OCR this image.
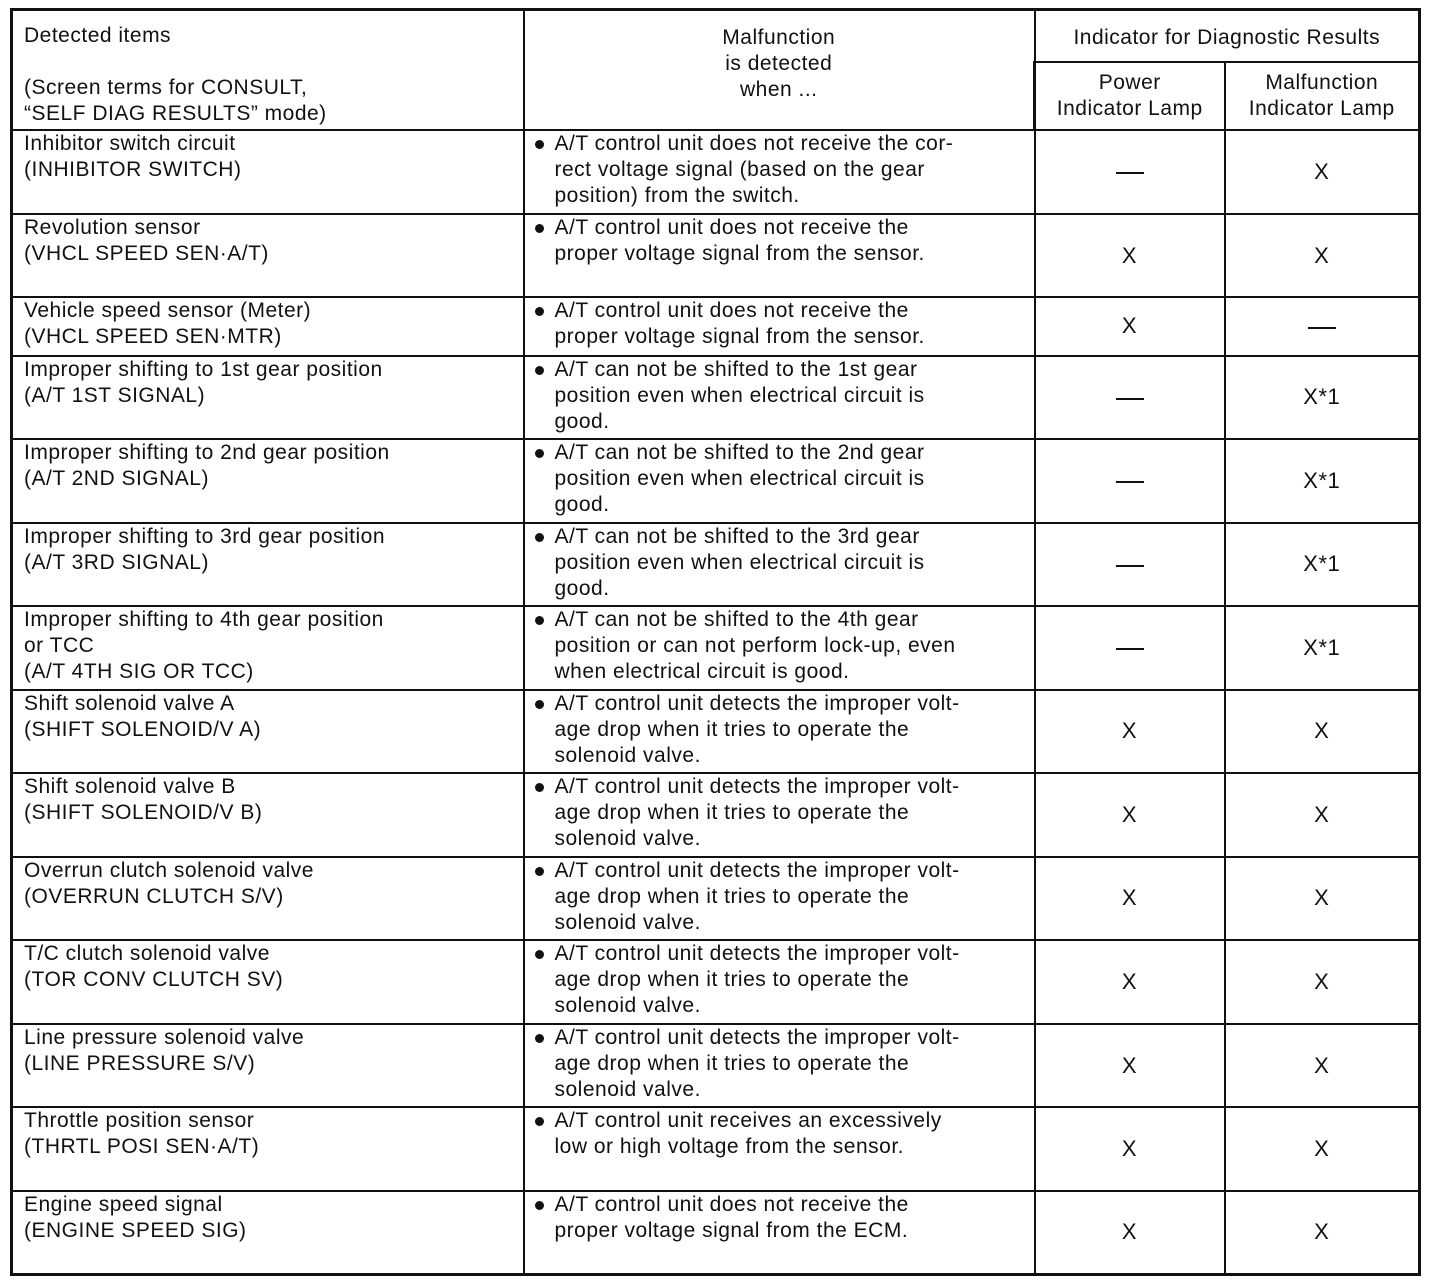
Detected items
(Screen terms for CONSULT,
“SELF DIAG RESULTS” mode)	Malfunction
is detected
when ...	Indicator for Diagnostic Results	

		Power
Indicator Lamp	Malfunction
Indicator Lamp

Inhibitor switch circuit
(INHIBITOR SWITCH)	A/T control unit does not receive the cor-
rect voltage signal (based on the gear
position) from the switch.		X

Revolution sensor
(VHCL SPEED SEN·A/T)	A/T control unit does not receive the
proper voltage signal from the sensor.	X	X

Vehicle speed sensor (Meter)
(VHCL SPEED SEN·MTR)	A/T control unit does not receive the
proper voltage signal from the sensor.	X	

Improper shifting to 1st gear position
(A/T 1ST SIGNAL)	A/T can not be shifted to the 1st gear
position even when electrical circuit is
good.		X*1

Improper shifting to 2nd gear position
(A/T 2ND SIGNAL)	A/T can not be shifted to the 2nd gear
position even when electrical circuit is
good.		X*1

Improper shifting to 3rd gear position
(A/T 3RD SIGNAL)	A/T can not be shifted to the 3rd gear
position even when electrical circuit is
good.		X*1

Improper shifting to 4th gear position
or TCC
(A/T 4TH SIG OR TCC)	A/T can not be shifted to the 4th gear
position or can not perform lock-up, even
when electrical circuit is good.		X*1

Shift solenoid valve A
(SHIFT SOLENOID/V A)	A/T control unit detects the improper volt-
age drop when it tries to operate the
solenoid valve.	X	X

Shift solenoid valve B
(SHIFT SOLENOID/V B)	A/T control unit detects the improper volt-
age drop when it tries to operate the
solenoid valve.	X	X

Overrun clutch solenoid valve
(OVERRUN CLUTCH S/V)	A/T control unit detects the improper volt-
age drop when it tries to operate the
solenoid valve.	X	X

T/C clutch solenoid valve
(TOR CONV CLUTCH SV)	A/T control unit detects the improper volt-
age drop when it tries to operate the
solenoid valve.	X	X

Line pressure solenoid valve
(LINE PRESSURE S/V)	A/T control unit detects the improper volt-
age drop when it tries to operate the
solenoid valve.	X	X

Throttle position sensor
(THRTL POSI SEN·A/T)	A/T control unit receives an excessively
low or high voltage from the sensor.	X	X

Engine speed signal
(ENGINE SPEED SIG)	A/T control unit does not receive the
proper voltage signal from the ECM.	X	X
